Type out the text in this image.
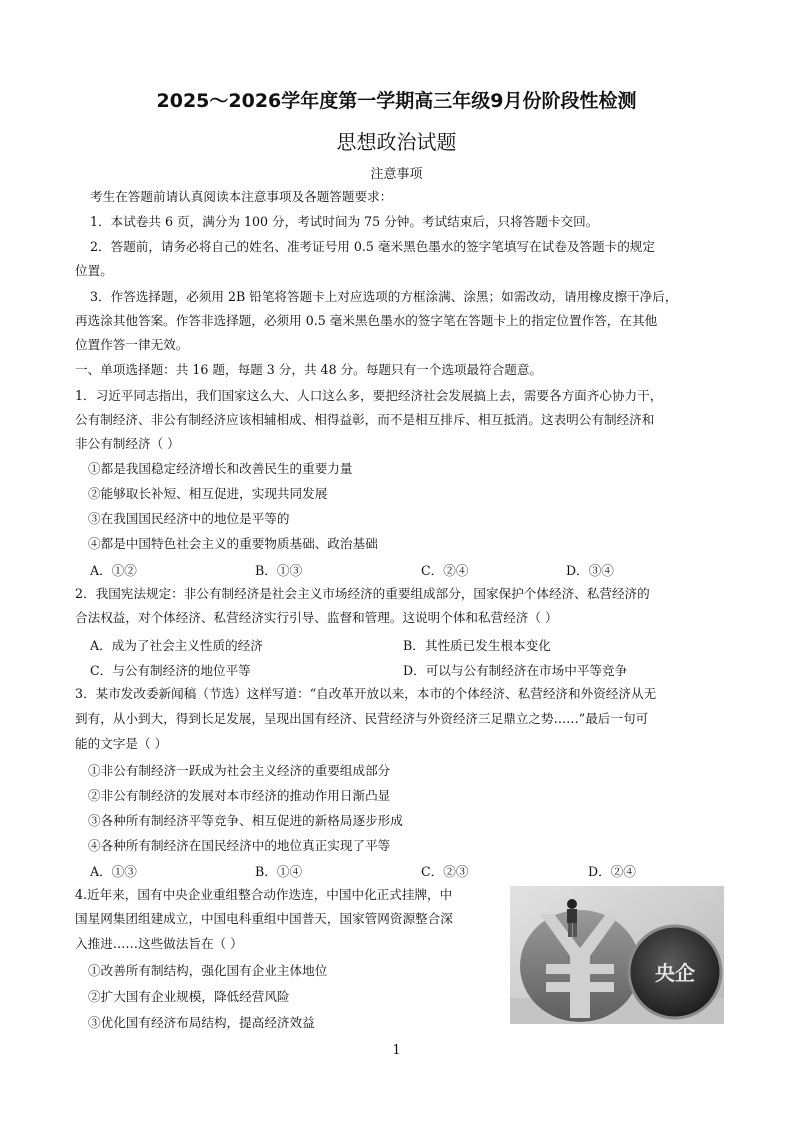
2025～2026学年度第一学期高三年级9月份阶段性检测
思想政治试题
注意事项
考生在答题前请认真阅读本注意事项及各题答题要求：
1．本试卷共 6 页，满分为 100 分，考试时间为 75 分钟。考试结束后，只将答题卡交回。
2．答题前，请务必将自己的姓名、准考证号用 0.5 毫米黑色墨水的签字笔填写在试卷及答题卡的规定
位置。
3．作答选择题，必须用 2B 铅笔将答题卡上对应选项的方框涂满、涂黑；如需改动，请用橡皮擦干净后，
再选涂其他答案。作答非选择题，必须用 0.5 毫米黑色墨水的签字笔在答题卡上的指定位置作答，在其他
位置作答一律无效。
一、单项选择题：共 16 题，每题 3 分，共 48 分。每题只有一个选项最符合题意。
1．习近平同志指出，我们国家这么大、人口这么多，要把经济社会发展搞上去，需要各方面齐心协力干，
公有制经济、非公有制经济应该相辅相成、相得益彰，而不是相互排斥、相互抵消。这表明公有制经济和
非公有制经济（ ）
①都是我国稳定经济增长和改善民生的重要力量
②能够取长补短、相互促进，实现共同发展
③在我国国民经济中的地位是平等的
④都是中国特色社会主义的重要物质基础、政治基础
A．①②	B．①③	C．②④	D．③④
2．我国宪法规定：非公有制经济是社会主义市场经济的重要组成部分，国家保护个体经济、私营经济的
合法权益，对个体经济、私营经济实行引导、监督和管理。这说明个体和私营经济（ ）
A．成为了社会主义性质的经济	B．其性质已发生根本变化
C．与公有制经济的地位平等	D．可以与公有制经济在市场中平等竞争
3．某市发改委新闻稿（节选）这样写道：“自改革开放以来，本市的个体经济、私营经济和外资经济从无
到有，从小到大，得到长足发展，呈现出国有经济、民营经济与外资经济三足鼎立之势……”最后一句可
能的文字是（ ）
①非公有制经济一跃成为社会主义经济的重要组成部分
②非公有制经济的发展对本市经济的推动作用日渐凸显
③各种所有制经济平等竞争、相互促进的新格局逐步形成
④各种所有制经济在国民经济中的地位真正实现了平等
A．①③	B．①④	C．②③	D．②④
4.近年来，国有中央企业重组整合动作迭连，中国中化正式挂牌，中
国星网集团组建成立，中国电科重组中国普天，国家管网资源整合深
入推进……这些做法旨在（ ）
①改善所有制结构，强化国有企业主体地位
②扩大国有企业规模，降低经营风险
③优化国有经济布局结构，提高经济效益
央企
1
